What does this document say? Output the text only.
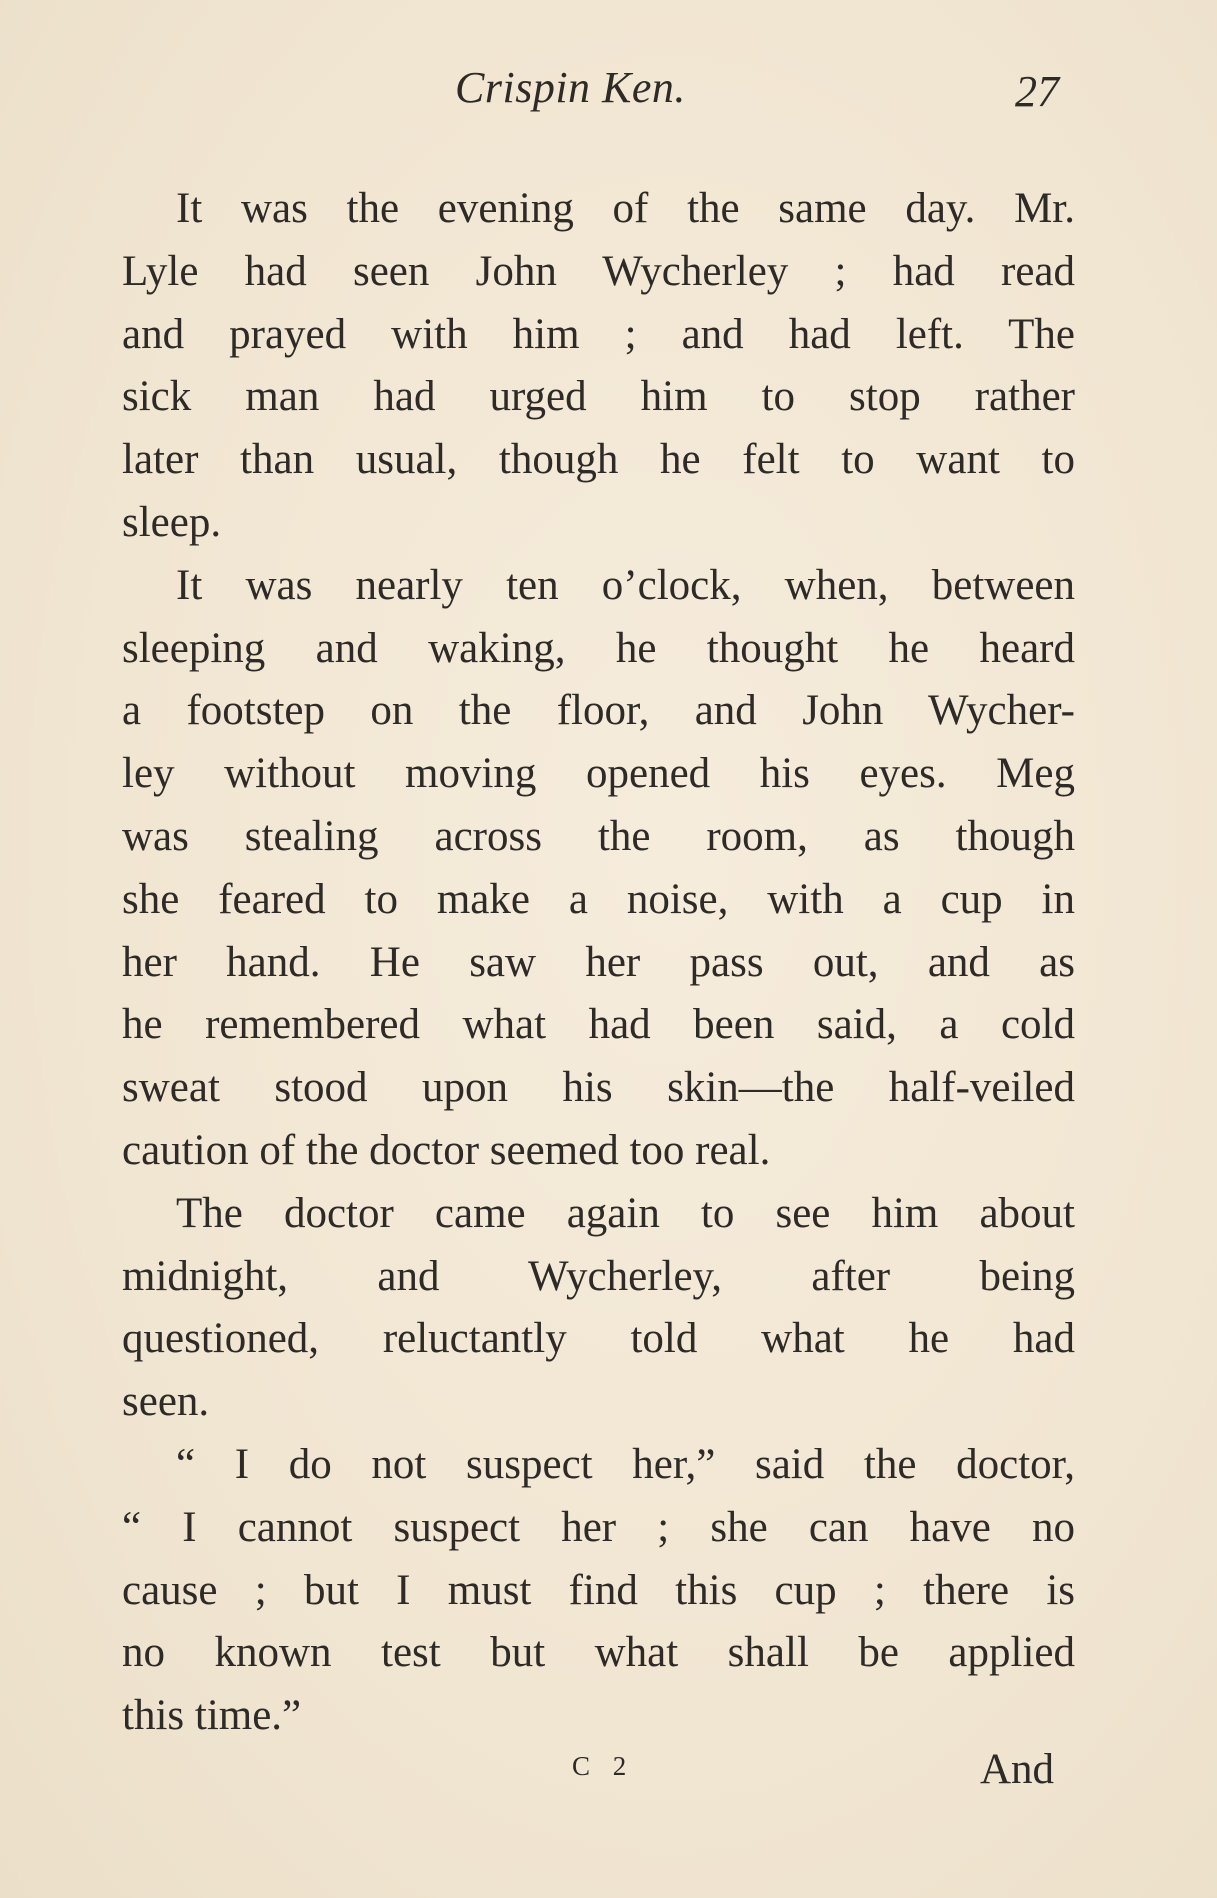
Crispin Ken.	27
It was the evening of the same day. Mr.
Lyle had seen John Wycherley ; had read
and prayed with him ; and had left. The
sick man had urged him to stop rather
later than usual, though he felt to want to
sleep.
It was nearly ten o’clock, when, between
sleeping and waking, he thought he heard
a footstep on the floor, and John Wycher-
ley without moving opened his eyes. Meg
was stealing across the room, as though
she feared to make a noise, with a cup in
her hand. He saw her pass out, and as
he remembered what had been said, a cold
sweat stood upon his skin—the half-veiled
caution of the doctor seemed too real.
The doctor came again to see him about
midnight, and Wycherley, after being
questioned, reluctantly told what he had
seen.
“ I do not suspect her,” said the doctor,
“ I cannot suspect her ; she can have no
cause ; but I must find this cup ; there is
no known test but what shall be applied
this time.”
C 2	And
